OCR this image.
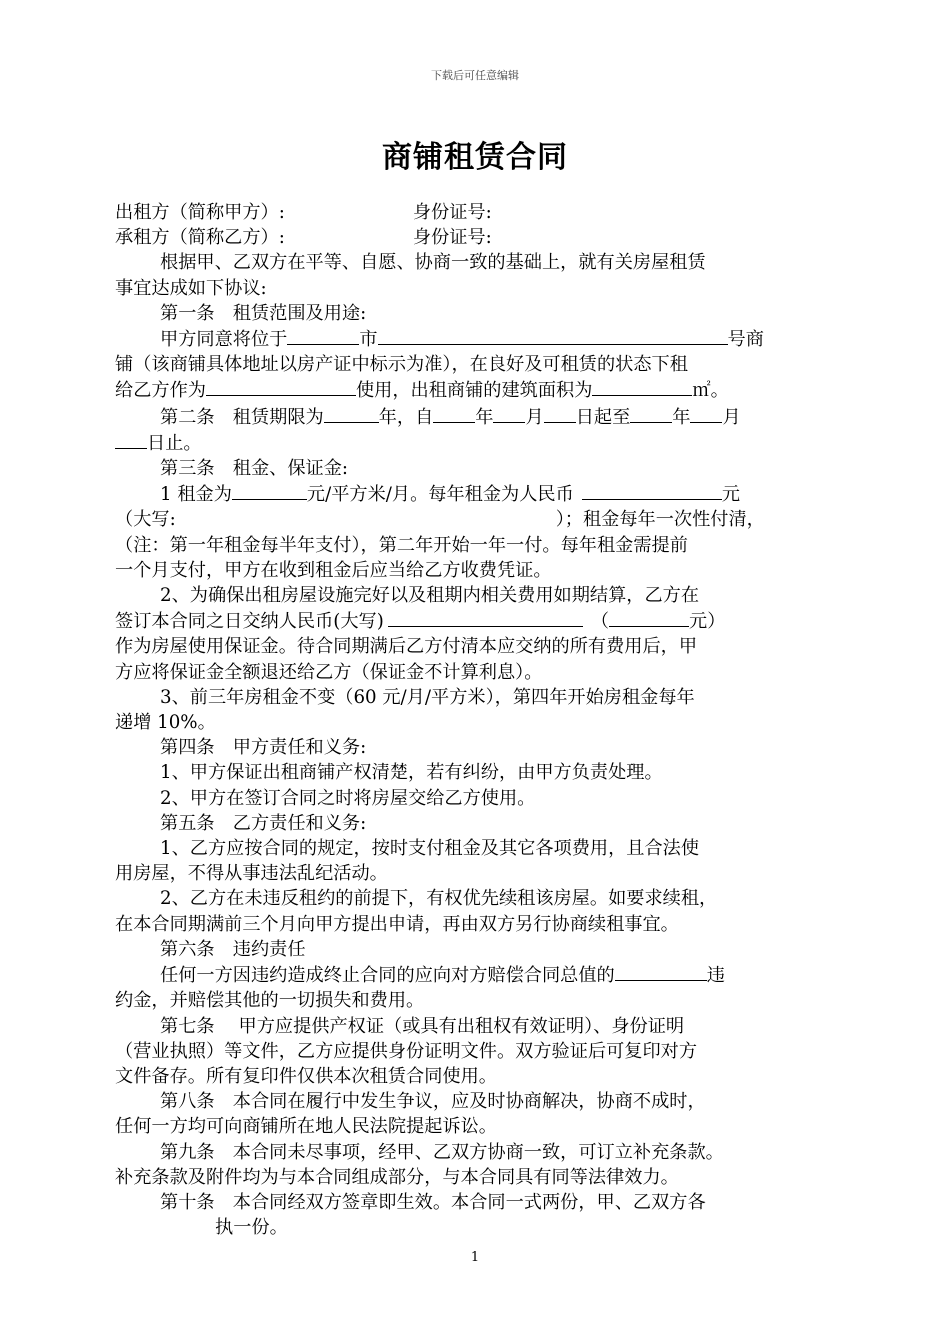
下载后可任意编辑
商铺租赁合同

出租方（简称甲方）:	身份证号:

承租方（简称乙方）:	身份证号:

根据甲、乙双方在平等、自愿、协商一致的基础上，就有关房屋租赁

事宜达成如下协议:

第一条　租赁范围及用途:

甲方同意将位于	市	号商

铺（该商铺具体地址以房产证中标示为准），在良好及可租赁的状态下租

给乙方作为	使用，出租商铺的建筑面积为	㎡。

第二条　租赁期限为	年，自 年 月 日起至 年 月

日止。

第三条　租金、保证金:

1 租金为	元/平方米/月。每年租金为人民币	元

（大写:	）；租金每年一次性付清，

（注：第一年租金每半年支付），第二年开始一年一付。每年租金需提前

一个月支付，甲方在收到租金后应当给乙方收费凭证。

2、为确保出租房屋设施完好以及租期内相关费用如期结算，乙方在

签订本合同之日交纳人民币(大写)	（	元）

作为房屋使用保证金。待合同期满后乙方付清本应交纳的所有费用后，甲

方应将保证金全额退还给乙方（保证金不计算利息）。

3、前三年房租金不变（60 元/月/平方米），第四年开始房租金每年

递增 10%。

第四条　甲方责任和义务:

1、甲方保证出租商铺产权清楚，若有纠纷，由甲方负责处理。

2、甲方在签订合同之时将房屋交给乙方使用。

第五条　乙方责任和义务:

1、乙方应按合同的规定，按时支付租金及其它各项费用，且合法使

用房屋，不得从事违法乱纪活动。

2、乙方在未违反租约的前提下，有权优先续租该房屋。如要求续租，

在本合同期满前三个月向甲方提出申请，再由双方另行协商续租事宜。

第六条　违约责任

任何一方因违约造成终止合同的应向对方赔偿合同总值的	违

约金，并赔偿其他的一切损失和费用。

第七条　 甲方应提供产权证（或具有出租权有效证明）、身份证明

（营业执照）等文件，乙方应提供身份证明文件。双方验证后可复印对方

文件备存。所有复印件仅供本次租赁合同使用。

第八条　本合同在履行中发生争议，应及时协商解决，协商不成时，

任何一方均可向商铺所在地人民法院提起诉讼。

第九条　本合同未尽事项，经甲、乙双方协商一致，可订立补充条款。

补充条款及附件均为与本合同组成部分，与本合同具有同等法律效力。

第十条　本合同经双方签章即生效。本合同一式两份，甲、乙双方各

执一份。

1
